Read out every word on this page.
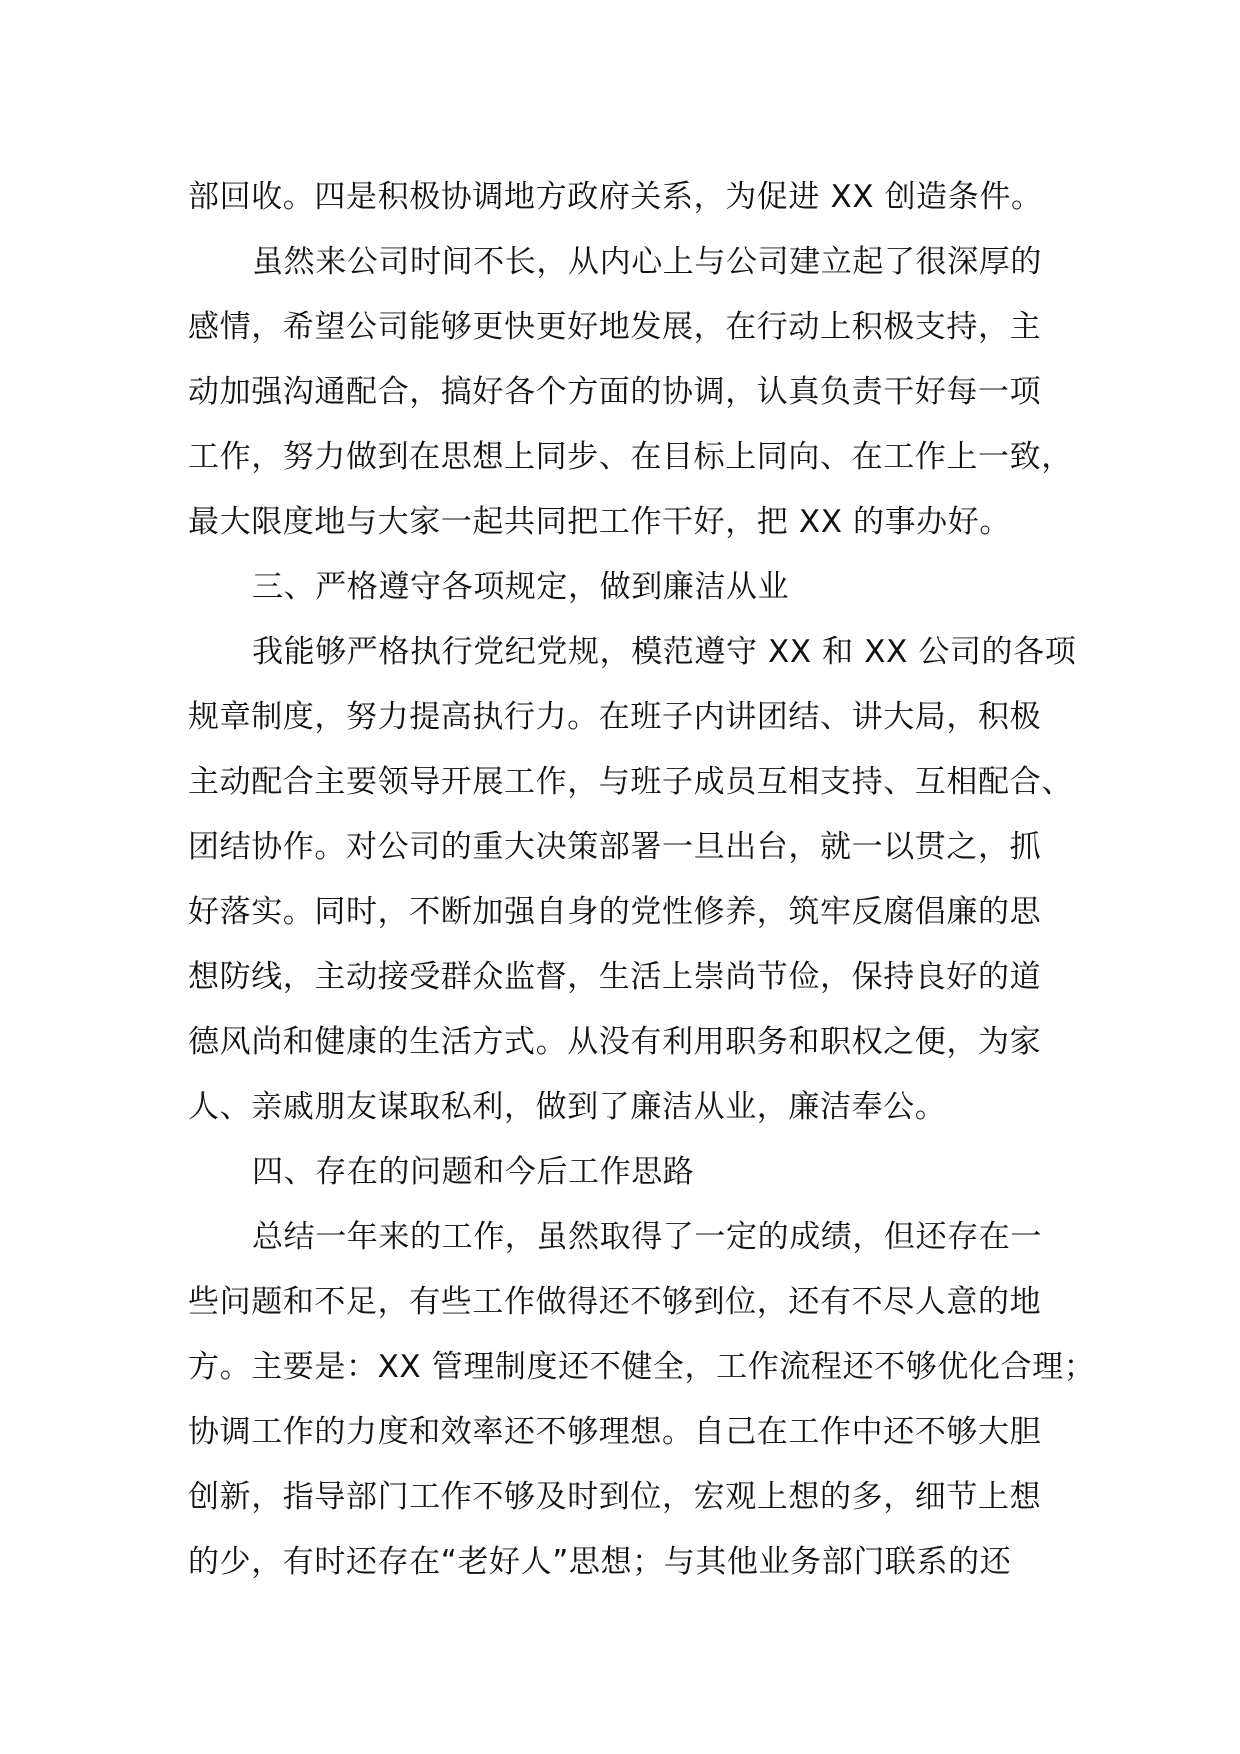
部回收。四是积极协调地方政府关系，为促进 XX 创造条件。
虽然来公司时间不长，从内心上与公司建立起了很深厚的
感情，希望公司能够更快更好地发展，在行动上积极支持，主
动加强沟通配合，搞好各个方面的协调，认真负责干好每一项
工作，努力做到在思想上同步、在目标上同向、在工作上一致，
最大限度地与大家一起共同把工作干好，把 XX 的事办好。
三、严格遵守各项规定，做到廉洁从业
我能够严格执行党纪党规，模范遵守 XX 和 XX 公司的各项
规章制度，努力提高执行力。在班子内讲团结、讲大局，积极
主动配合主要领导开展工作，与班子成员互相支持、互相配合、
团结协作。对公司的重大决策部署一旦出台，就一以贯之，抓
好落实。同时，不断加强自身的党性修养，筑牢反腐倡廉的思
想防线，主动接受群众监督，生活上崇尚节俭，保持良好的道
德风尚和健康的生活方式。从没有利用职务和职权之便，为家
人、亲戚朋友谋取私利，做到了廉洁从业，廉洁奉公。
四、存在的问题和今后工作思路
总结一年来的工作，虽然取得了一定的成绩，但还存在一
些问题和不足，有些工作做得还不够到位，还有不尽人意的地
方。主要是：XX 管理制度还不健全，工作流程还不够优化合理；
协调工作的力度和效率还不够理想。自己在工作中还不够大胆
创新，指导部门工作不够及时到位，宏观上想的多，细节上想
的少，有时还存在“老好人”思想；与其他业务部门联系的还
